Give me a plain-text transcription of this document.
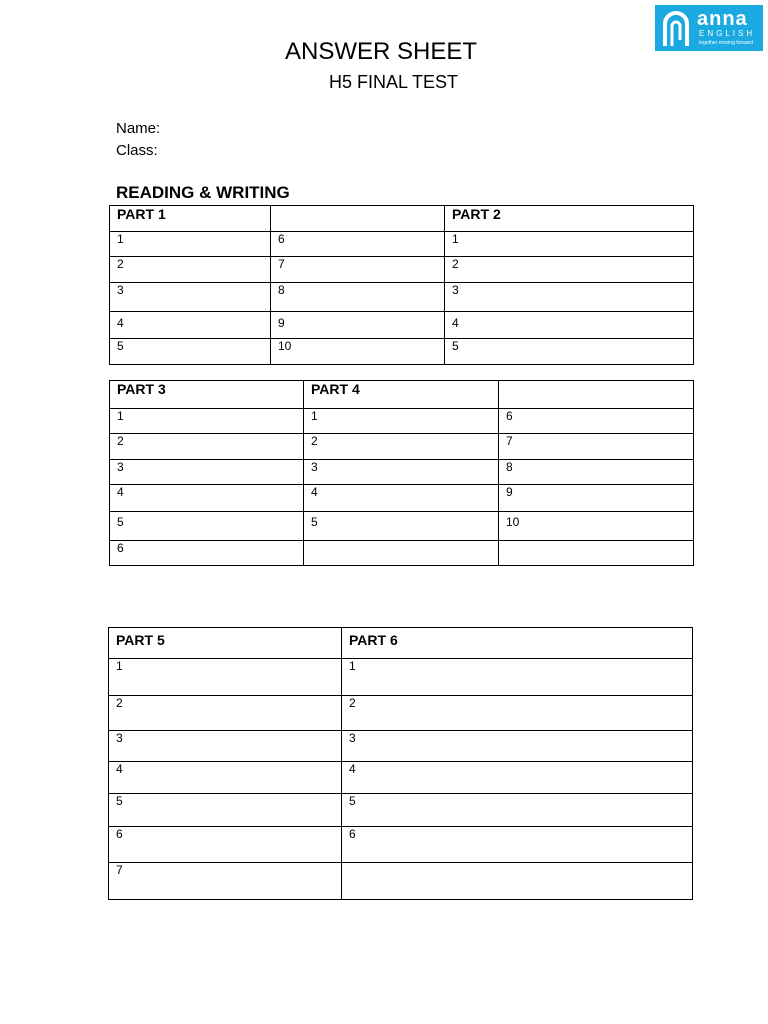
anna
ENGLISH
together moving forward
ANSWER SHEET
H5 FINAL TEST
Name:
Class:
READING & WRITING
PART 1		PART 2
1	6	1
2	7	2
3	8	3
4	9	4
5	10	5
PART 3	PART 4	
1	1	6
2	2	7
3	3	8
4	4	9
5	5	10
6		
PART 5	PART 6
1	1
2	2
3	3
4	4
5	5
6	6
7	
